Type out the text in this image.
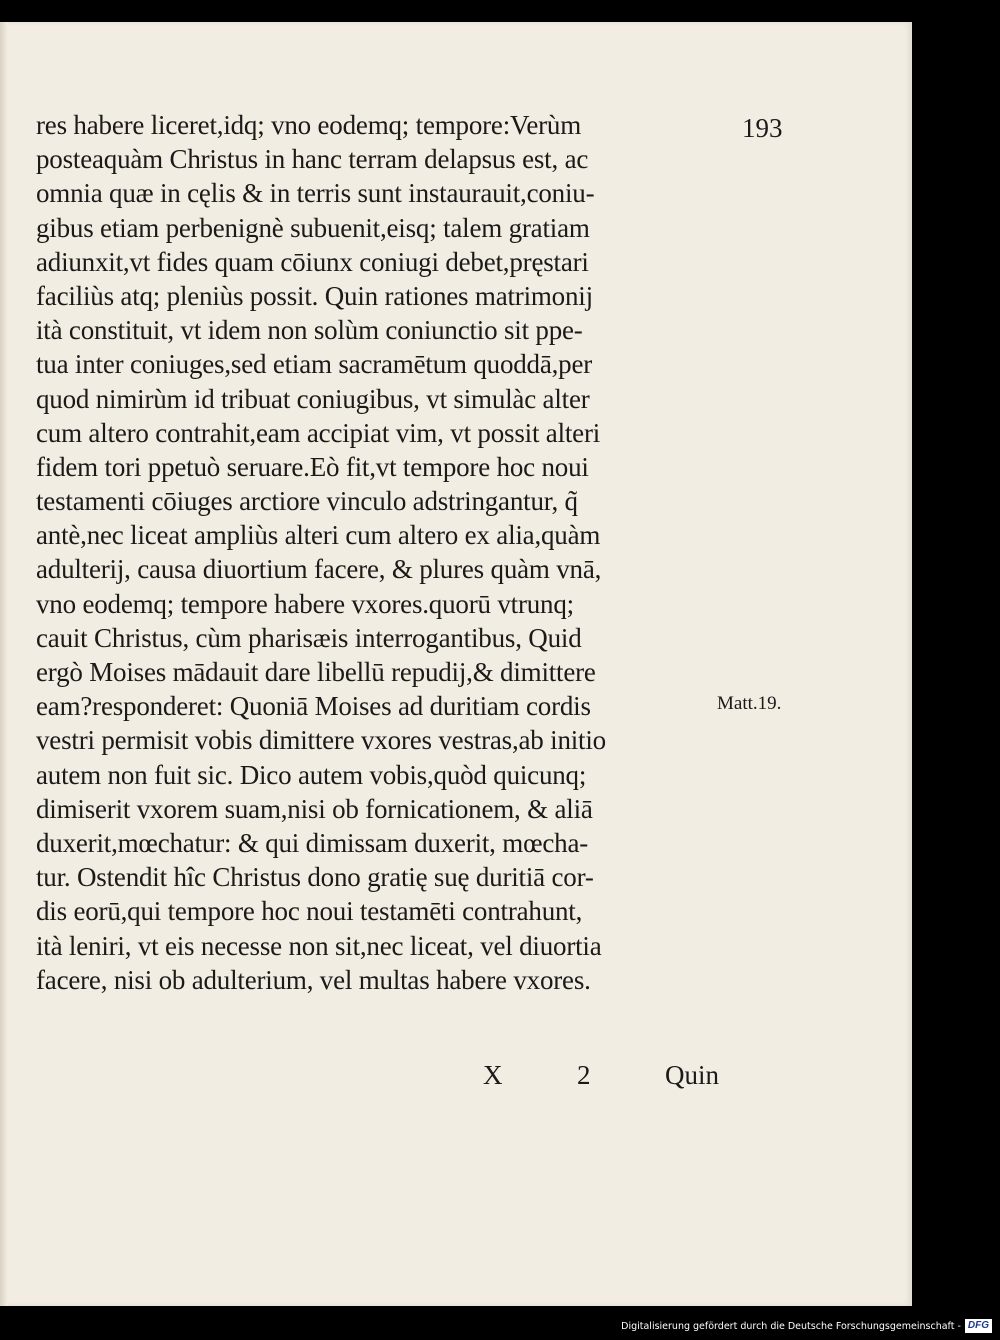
193
res habere liceret,idq; vno eodemq; tempore:Verùm
posteaquàm Christus in hanc terram delapsus est, ac
omnia quæ in cęlis & in terris sunt instaurauit,coniu-
gibus etiam perbenignè subuenit,eisq; talem gratiam
adiunxit,vt fides quam cōiunx coniugi debet,pręstari
faciliùs atq; pleniùs possit. Quin rationes matrimonij
ità constituit, vt idem non solùm coniunctio sit ppe-
tua inter coniuges,sed etiam sacramētum quoddā,per
quod nimirùm id tribuat coniugibus, vt simulàc alter
cum altero contrahit,eam accipiat vim, vt possit alteri
fidem tori ppetuò seruare.Eò fit,vt tempore hoc noui
testamenti cōiuges arctiore vinculo adstringantur, q̃
antè,nec liceat ampliùs alteri cum altero ex alia,quàm
adulterij, causa diuortium facere, & plures quàm vnā,
vno eodemq; tempore habere vxores.quorū vtrunq;
cauit Christus, cùm pharisæis interrogantibus, Quid
ergò Moises mādauit dare libellū repudij,& dimittere
eam?responderet: Quoniā Moises ad duritiam cordis
vestri permisit vobis dimittere vxores vestras,ab initio
autem non fuit sic. Dico autem vobis,quòd quicunq;
dimiserit vxorem suam,nisi ob fornicationem, & aliā
duxerit,mœchatur: & qui dimissam duxerit, mœcha-
tur. Ostendit hîc Christus dono gratię suę duritiā cor-
dis eorū,qui tempore hoc noui testamēti contrahunt,
ità leniri, vt eis necesse non sit,nec liceat, vel diuortia
facere, nisi ob adulterium, vel multas habere vxores.
Matt.19.
X	2	Quin
Digitalisierung gefördert durch die Deutsche Forschungsgemeinschaft - DFG
